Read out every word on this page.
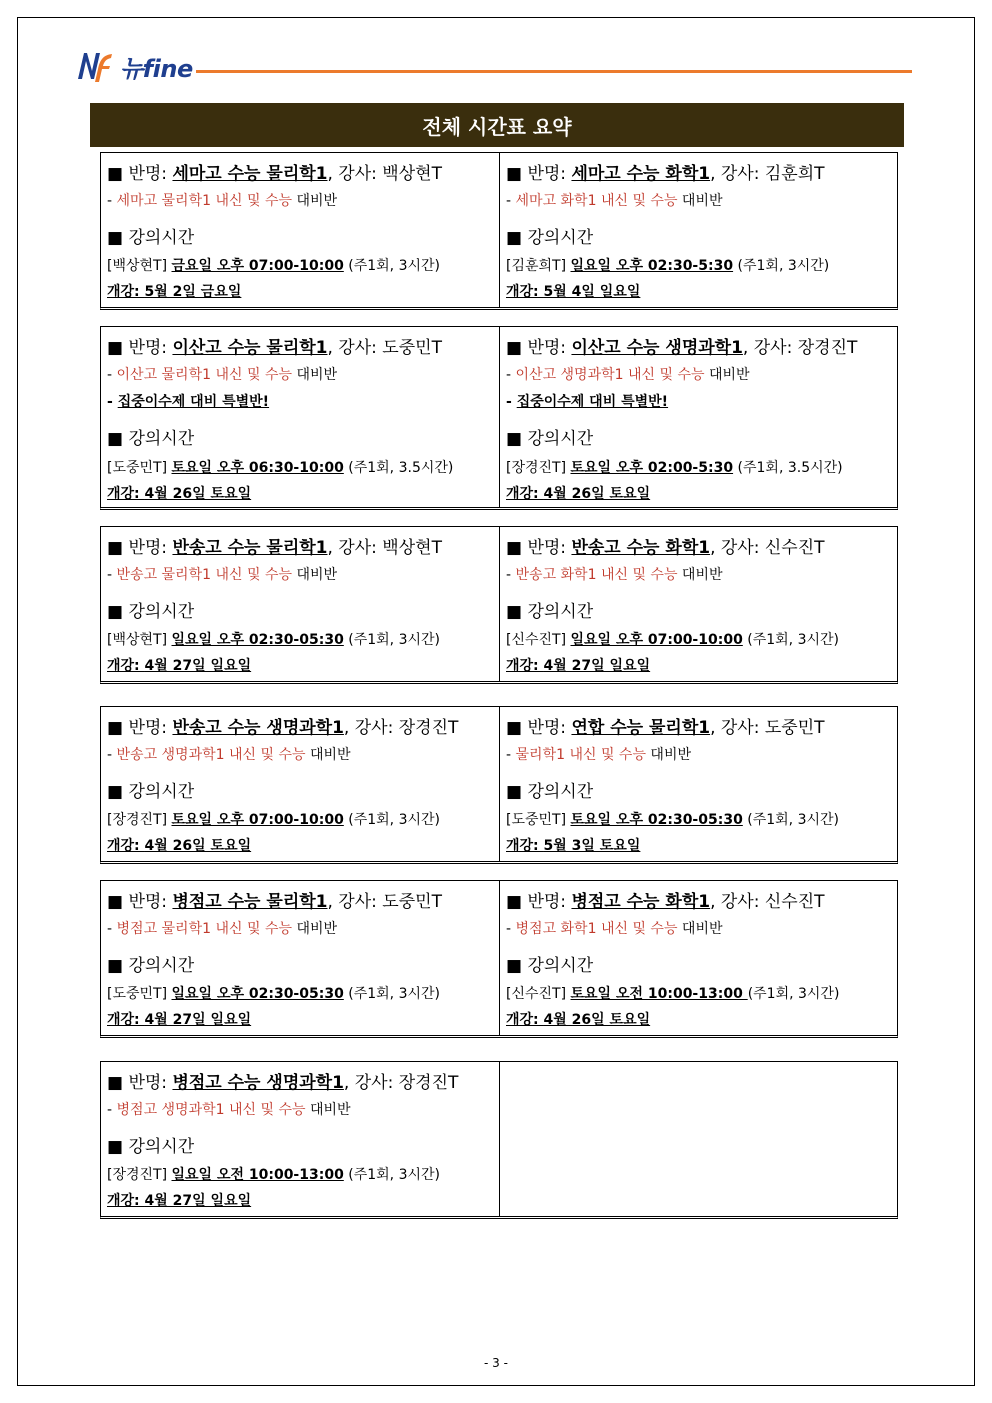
뉴fine
전체 시간표 요약
■ 반명: 세마고 수능 물리학1, 강사: 백상현T
- 세마고 물리학1 내신 및 수능 대비반
■ 강의시간
[백상현T] 금요일 오후 07:00-10:00 (주1회, 3시간)
개강: 5월 2일 금요일
■ 반명: 세마고 수능 화학1, 강사: 김훈희T
- 세마고 화학1 내신 및 수능 대비반
■ 강의시간
[김훈희T] 일요일 오후 02:30-5:30 (주1회, 3시간)
개강: 5월 4일 일요일
■ 반명: 이산고 수능 물리학1, 강사: 도중민T
- 이산고 물리학1 내신 및 수능 대비반
- 집중이수제 대비 특별반!
■ 강의시간
[도중민T] 토요일 오후 06:30-10:00 (주1회, 3.5시간)
개강: 4월 26일 토요일
■ 반명: 이산고 수능 생명과학1, 강사: 장경진T
- 이산고 생명과학1 내신 및 수능 대비반
- 집중이수제 대비 특별반!
■ 강의시간
[장경진T] 토요일 오후 02:00-5:30 (주1회, 3.5시간)
개강: 4월 26일 토요일
■ 반명: 반송고 수능 물리학1, 강사: 백상현T
- 반송고 물리학1 내신 및 수능 대비반
■ 강의시간
[백상현T] 일요일 오후 02:30-05:30 (주1회, 3시간)
개강: 4월 27일 일요일
■ 반명: 반송고 수능 화학1, 강사: 신수진T
- 반송고 화학1 내신 및 수능 대비반
■ 강의시간
[신수진T] 일요일 오후 07:00-10:00 (주1회, 3시간)
개강: 4월 27일 일요일
■ 반명: 반송고 수능 생명과학1, 강사: 장경진T
- 반송고 생명과학1 내신 및 수능 대비반
■ 강의시간
[장경진T] 토요일 오후 07:00-10:00 (주1회, 3시간)
개강: 4월 26일 토요일
■ 반명: 연합 수능 물리학1, 강사: 도중민T
- 물리학1 내신 및 수능 대비반
■ 강의시간
[도중민T] 토요일 오후 02:30-05:30 (주1회, 3시간)
개강: 5월 3일 토요일
■ 반명: 병점고 수능 물리학1, 강사: 도중민T
- 병점고 물리학1 내신 및 수능 대비반
■ 강의시간
[도중민T] 일요일 오후 02:30-05:30 (주1회, 3시간)
개강: 4월 27일 일요일
■ 반명: 병점고 수능 화학1, 강사: 신수진T
- 병점고 화학1 내신 및 수능 대비반
■ 강의시간
[신수진T] 토요일 오전 10:00-13:00 (주1회, 3시간)
개강: 4월 26일 토요일
■ 반명: 병점고 수능 생명과학1, 강사: 장경진T
- 병점고 생명과학1 내신 및 수능 대비반
■ 강의시간
[장경진T] 일요일 오전 10:00-13:00 (주1회, 3시간)
개강: 4월 27일 일요일
- 3 -
